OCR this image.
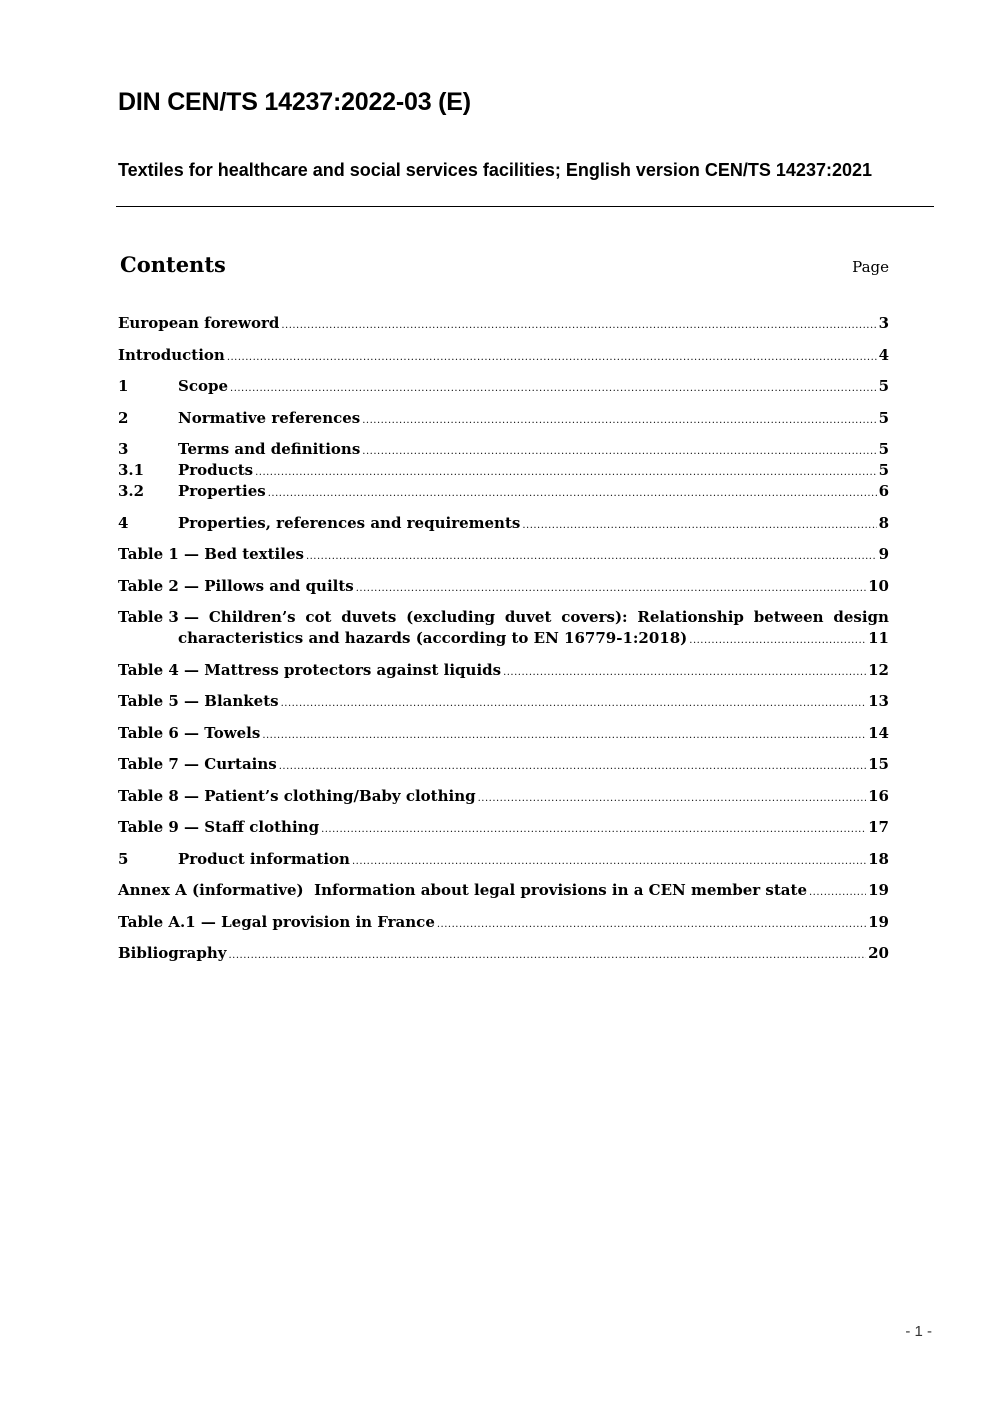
DIN CEN/TS 14237:2022-03 (E)
Textiles for healthcare and social services facilities; English version CEN/TS 14237:2021
Contents	Page
European foreword .....	3
Introduction .....	4
1	Scope .....	5
2	Normative references .....	5
3	Terms and definitions .....	5
3.1	Products .....	5
3.2	Properties .....	6
4	Properties, references and requirements .....	8
Table 1 — Bed textiles .....	9
Table 2 — Pillows and quilts .....	10
Table 3 — Children’s cot duvets (excluding duvet covers): Relationship between design
characteristics and hazards (according to EN 16779-1:2018) .....	11
Table 4 — Mattress protectors against liquids .....	12
Table 5 — Blankets .....	13
Table 6 — Towels .....	14
Table 7 — Curtains .....	15
Table 8 — Patient’s clothing/Baby clothing .....	16
Table 9 — Staff clothing .....	17
5	Product information .....	18
Annex A (informative)  Information about legal provisions in a CEN member state .....	19
Table A.1 — Legal provision in France .....	19
Bibliography .....	20
- 1 -
